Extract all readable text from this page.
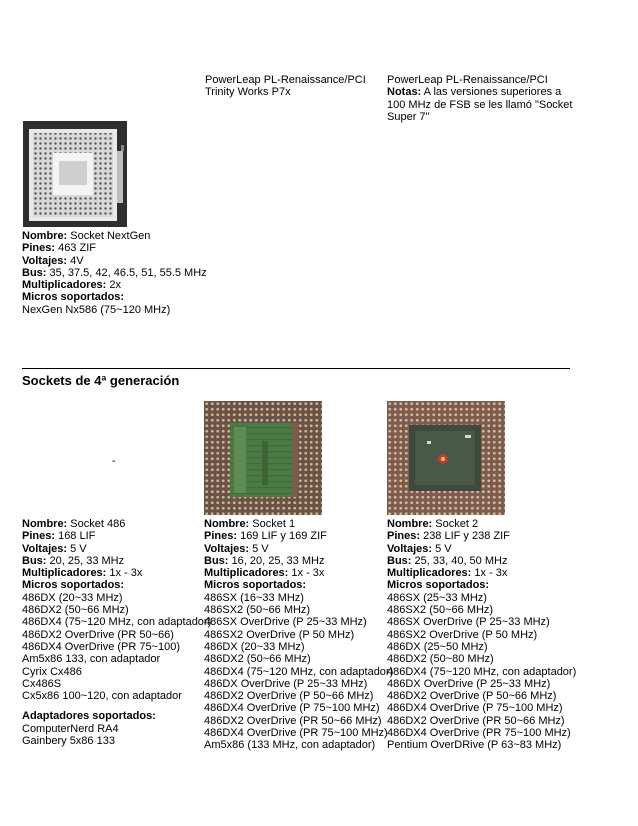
PowerLeap PL-Renaissance/PCI
Trinity Works P7x
PowerLeap PL-Renaissance/PCI
Notas: A las versiones superiores a
100 MHz de FSB se les llamó "Socket
Super 7"
Nombre: Socket NextGen
Pines: 463 ZIF
Voltajes: 4V
Bus: 35, 37.5, 42, 46.5, 51, 55.5 MHz
Multiplicadores: 2x
Micros soportados:
NexGen Nx586 (75~120 MHz)
Sockets de 4ª generación
-
Nombre: Socket 486
Pines: 168 LIF
Voltajes: 5 V
Bus: 20, 25, 33 MHz
Multiplicadores: 1x - 3x
Micros soportados:
486DX (20~33 MHz)
486DX2 (50~66 MHz)
486DX4 (75~120 MHz, con adaptador)
486DX2 OverDrive (PR 50~66)
486DX4 OverDrive (PR 75~100)
Am5x86 133, con adaptador
Cyrix Cx486
Cx486S
Cx5x86 100~120, con adaptador
Adaptadores soportados:
ComputerNerd RA4
Gainbery 5x86 133
Nombre: Socket 1
Pines: 169 LIF y 169 ZIF
Voltajes: 5 V
Bus: 16, 20, 25, 33 MHz
Multiplicadores: 1x - 3x
Micros soportados:
486SX (16~33 MHz)
486SX2 (50~66 MHz)
486SX OverDrive (P 25~33 MHz)
486SX2 OverDrive (P 50 MHz)
486DX (20~33 MHz)
486DX2 (50~66 MHz)
486DX4 (75~120 MHz, con adaptador)
486DX OverDrive (P 25~33 MHz)
486DX2 OverDrive (P 50~66 MHz)
486DX4 OverDrive (P 75~100 MHz)
486DX2 OverDrive (PR 50~66 MHz)
486DX4 OverDrive (PR 75~100 MHz)
Am5x86 (133 MHz, con adaptador)
Nombre: Socket 2
Pines: 238 LIF y 238 ZIF
Voltajes: 5 V
Bus: 25, 33, 40, 50 MHz
Multiplicadores: 1x - 3x
Micros soportados:
486SX (25~33 MHz)
486SX2 (50~66 MHz)
486SX OverDrive (P 25~33 MHz)
486SX2 OverDrive (P 50 MHz)
486DX (25~50 MHz)
486DX2 (50~80 MHz)
486DX4 (75~120 MHz, con adaptador)
486DX OverDrive (P 25~33 MHz)
486DX2 OverDrive (P 50~66 MHz)
486DX4 OverDrive (P 75~100 MHz)
486DX2 OverDrive (PR 50~66 MHz)
486DX4 OverDrive (PR 75~100 MHz)
Pentium OverDRive (P 63~83 MHz)
